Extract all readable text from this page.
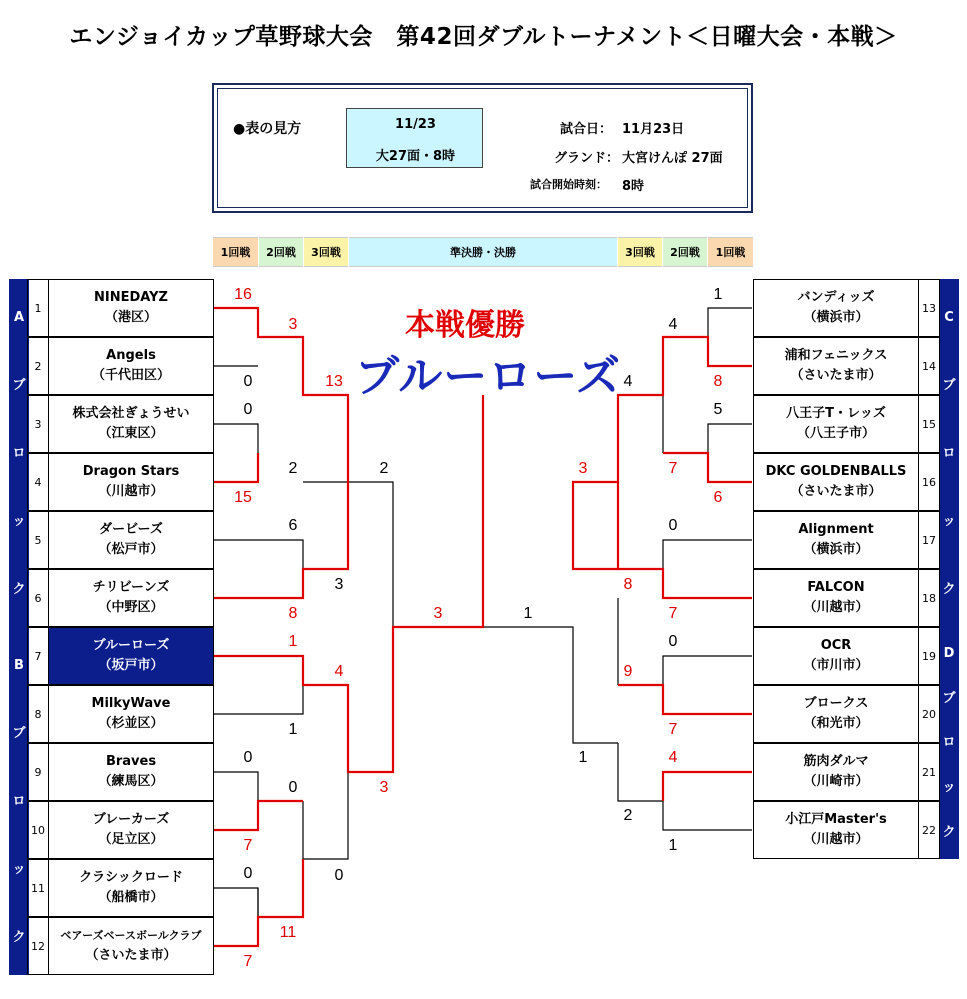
エンジョイカップ草野球大会　第42回ダブルトーナメント＜日曜大会・本戦＞
●表の見方	11/23
大27面・8時
試合日： 11月23日
グランド： 大宮けんぽ 27面
試合開始時刻： 8時
1回戦	2回戦	3回戦	準決勝・決勝	3回戦	2回戦	1回戦
A
ブ
ロ
ッ
ク
B
ブ
ロ
ッ
ク
C
ブ
ロ
ッ
ク
D
ブ
ロ
ッ
ク
1
NINEDAYZ
（港区）
2
Angels
（千代田区）
3
株式会社ぎょうせい
（江東区）
4
Dragon Stars
（川越市）
5
ダービーズ
（松戸市）
6
チリビーンズ
（中野区）
7
ブルーローズ
（坂戸市）
8
MilkyWave
（杉並区）
9
Braves
（練馬区）
10
ブレーカーズ
（足立区）
11
クラシックロード
（船橋市）
12
ベアーズベースボールクラブ
（さいたま市）
バンディッズ
（横浜市）
13
浦和フェニックス
（さいたま市）
14
八王子T・レッズ
（八王子市）
15
DKC GOLDENBALLS
（さいたま市）
16
Alignment
（横浜市）
17
FALCON
（川越市）
18
OCR
（市川市）
19
ブロークス
（和光市）
20
筋肉ダルマ
（川崎市）
21
小江戸Master's
（川越市）
22
16
0
0
15
3
2
6
8
1
1
0
7
0
7
13
3
4
0
0
11
2
3
3	1
1
8
5
6
4
7
4
0
7
0
7
9
4
1
8
2
3
1
本戦優勝
ブルーローズ
